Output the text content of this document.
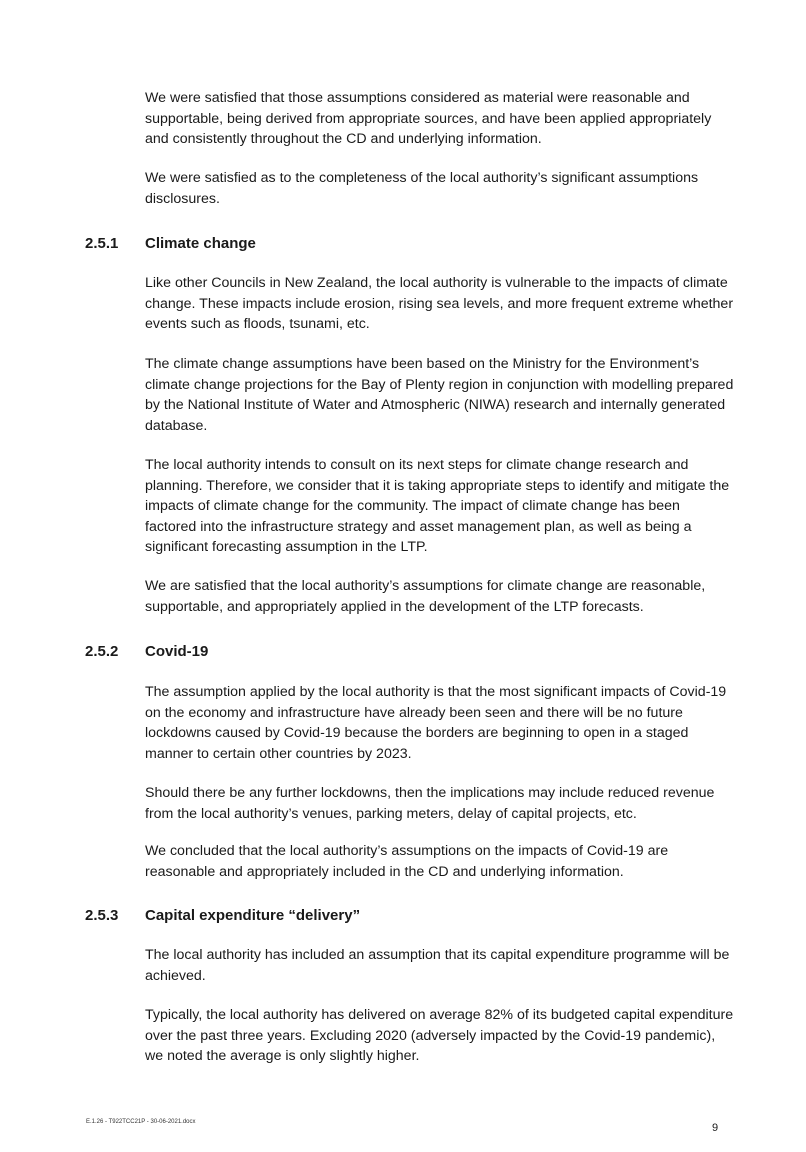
We were satisfied that those assumptions considered as material were reasonable and supportable, being derived from appropriate sources, and have been applied appropriately and consistently throughout the CD and underlying information.

We were satisfied as to the completeness of the local authority’s significant assumptions disclosures.

2.5.1 Climate change

Like other Councils in New Zealand, the local authority is vulnerable to the impacts of climate change. These impacts include erosion, rising sea levels, and more frequent extreme whether events such as floods, tsunami, etc.

The climate change assumptions have been based on the Ministry for the Environment’s climate change projections for the Bay of Plenty region in conjunction with modelling prepared by the National Institute of Water and Atmospheric (NIWA) research and internally generated database.

The local authority intends to consult on its next steps for climate change research and planning. Therefore, we consider that it is taking appropriate steps to identify and mitigate the impacts of climate change for the community. The impact of climate change has been factored into the infrastructure strategy and asset management plan, as well as being a significant forecasting assumption in the LTP.

We are satisfied that the local authority’s assumptions for climate change are reasonable, supportable, and appropriately applied in the development of the LTP forecasts.

2.5.2 Covid-19

The assumption applied by the local authority is that the most significant impacts of Covid-19 on the economy and infrastructure have already been seen and there will be no future lockdowns caused by Covid-19 because the borders are beginning to open in a staged manner to certain other countries by 2023.

Should there be any further lockdowns, then the implications may include reduced revenue from the local authority’s venues, parking meters, delay of capital projects, etc.

We concluded that the local authority’s assumptions on the impacts of Covid-19 are reasonable and appropriately included in the CD and underlying information.

2.5.3 Capital expenditure “delivery”

The local authority has included an assumption that its capital expenditure programme will be achieved.

Typically, the local authority has delivered on average 82% of its budgeted capital expenditure over the past three years. Excluding 2020 (adversely impacted by the Covid-19 pandemic), we noted the average is only slightly higher.

E.1.26 - T922TCC21P - 30-06-2021.docx	9
